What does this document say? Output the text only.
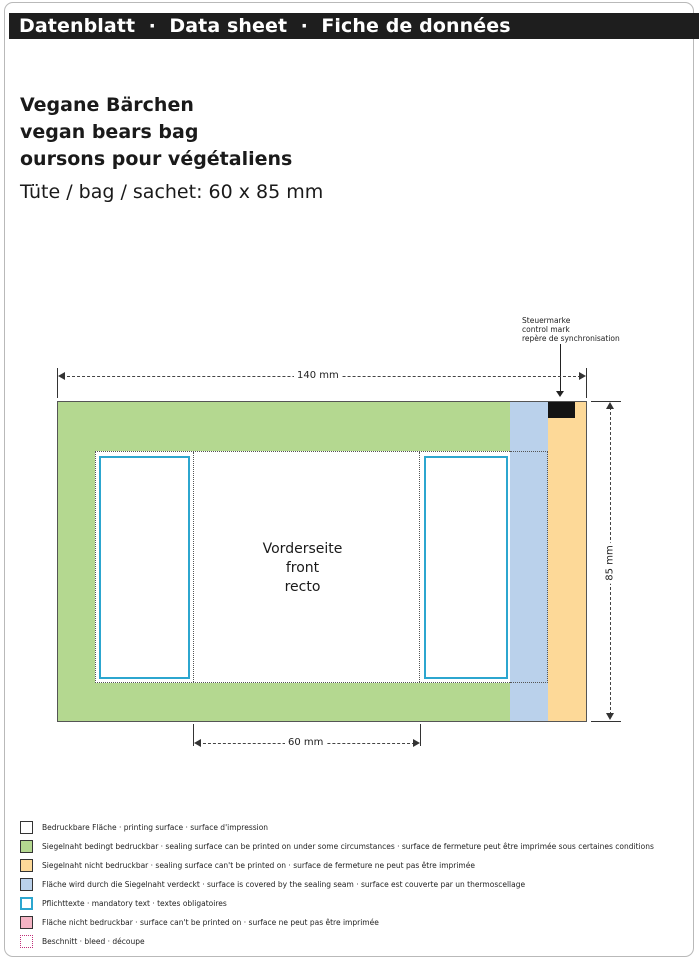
Datenblatt  ·  Data sheet  ·  Fiche de données
Vegane Bärchen
vegan bears bag
oursons pour végétaliens
Tüte / bag / sachet: 60 x 85 mm
Steuermarke
control mark
repère de synchronisation
140 mm
Vorderseite
front
recto
85 mm
60 mm
Bedruckbare Fläche · printing surface · surface d'impression
Siegelnaht bedingt bedruckbar · sealing surface can be printed on under some circumstances · surface de fermeture peut être imprimée sous certaines conditions
Siegelnaht nicht bedruckbar · sealing surface can't be printed on · surface de fermeture ne peut pas être imprimée
Fläche wird durch die Siegelnaht verdeckt · surface is covered by the sealing seam · surface est couverte par un thermoscellage
Pflichttexte · mandatory text · textes obligatoires
Fläche nicht bedruckbar · surface can't be printed on · surface ne peut pas être imprimée
Beschnitt · bleed · découpe
